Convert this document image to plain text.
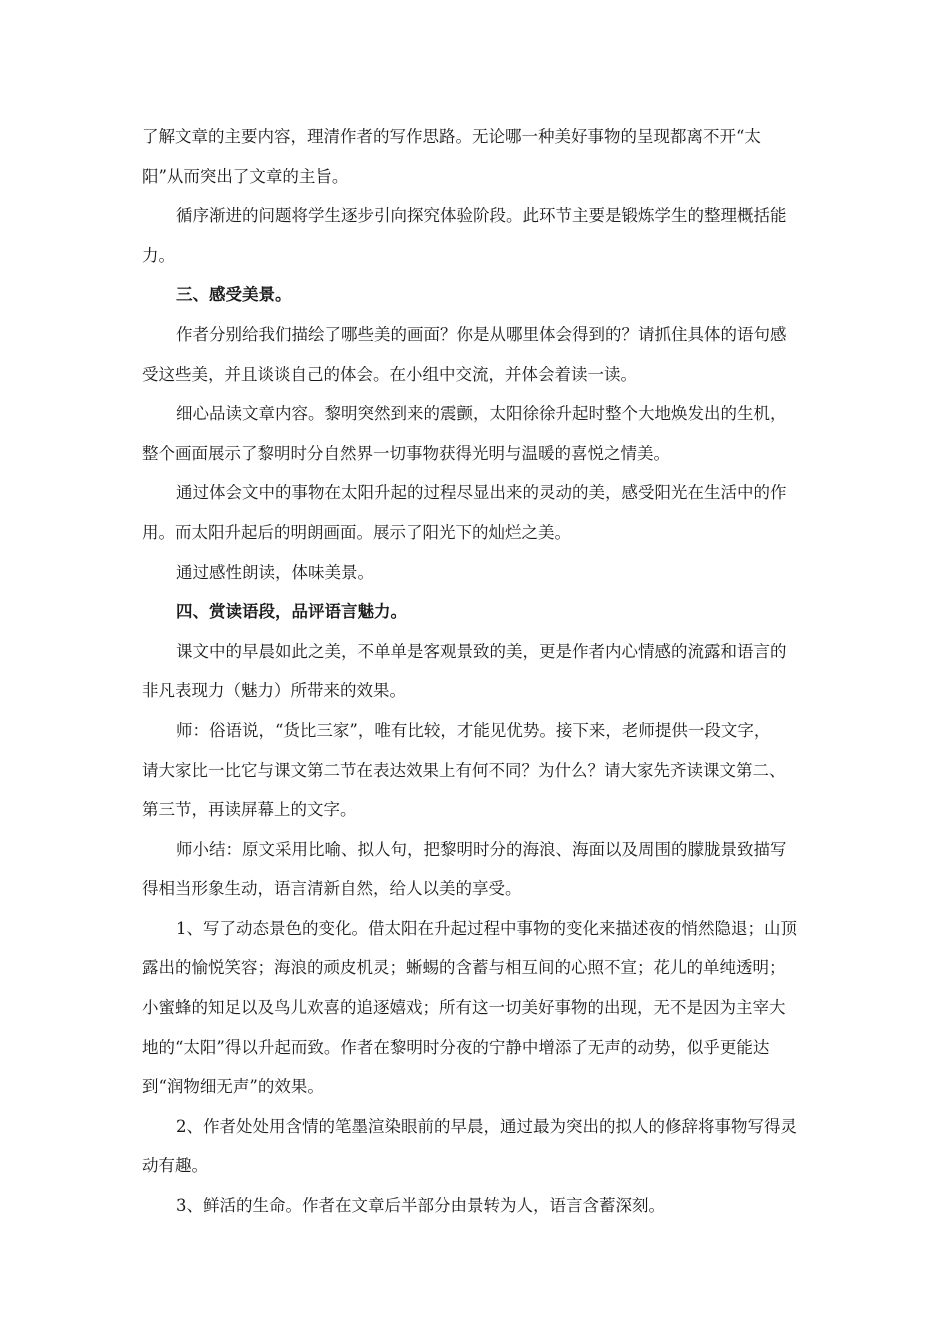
了解文章的主要内容，理清作者的写作思路。无论哪一种美好事物的呈现都离不开“太
阳”从而突出了文章的主旨。
循序渐进的问题将学生逐步引向探究体验阶段。此环节主要是锻炼学生的整理概括能
力。
三、感受美景。
作者分别给我们描绘了哪些美的画面？你是从哪里体会得到的？请抓住具体的语句感
受这些美，并且谈谈自己的体会。在小组中交流，并体会着读一读。
细心品读文章内容。黎明突然到来的震颤，太阳徐徐升起时整个大地焕发出的生机，
整个画面展示了黎明时分自然界一切事物获得光明与温暖的喜悦之情美。
通过体会文中的事物在太阳升起的过程尽显出来的灵动的美，感受阳光在生活中的作
用。而太阳升起后的明朗画面。展示了阳光下的灿烂之美。
通过感性朗读，体味美景。
四、赏读语段，品评语言魅力。
课文中的早晨如此之美，不单单是客观景致的美，更是作者内心情感的流露和语言的
非凡表现力（魅力）所带来的效果。
师：俗语说，“货比三家”，唯有比较，才能见优势。接下来，老师提供一段文字，
请大家比一比它与课文第二节在表达效果上有何不同？为什么？请大家先齐读课文第二、
第三节，再读屏幕上的文字。
师小结：原文采用比喻、拟人句，把黎明时分的海浪、海面以及周围的朦胧景致描写
得相当形象生动，语言清新自然，给人以美的享受。
1、写了动态景色的变化。借太阳在升起过程中事物的变化来描述夜的悄然隐退；山顶
露出的愉悦笑容；海浪的顽皮机灵；蜥蜴的含蓄与相互间的心照不宣；花儿的单纯透明；
小蜜蜂的知足以及鸟儿欢喜的追逐嬉戏；所有这一切美好事物的出现，无不是因为主宰大
地的“太阳”得以升起而致。作者在黎明时分夜的宁静中增添了无声的动势，似乎更能达
到“润物细无声”的效果。
2、作者处处用含情的笔墨渲染眼前的早晨，通过最为突出的拟人的修辞将事物写得灵
动有趣。
3、鲜活的生命。作者在文章后半部分由景转为人，语言含蓄深刻。
